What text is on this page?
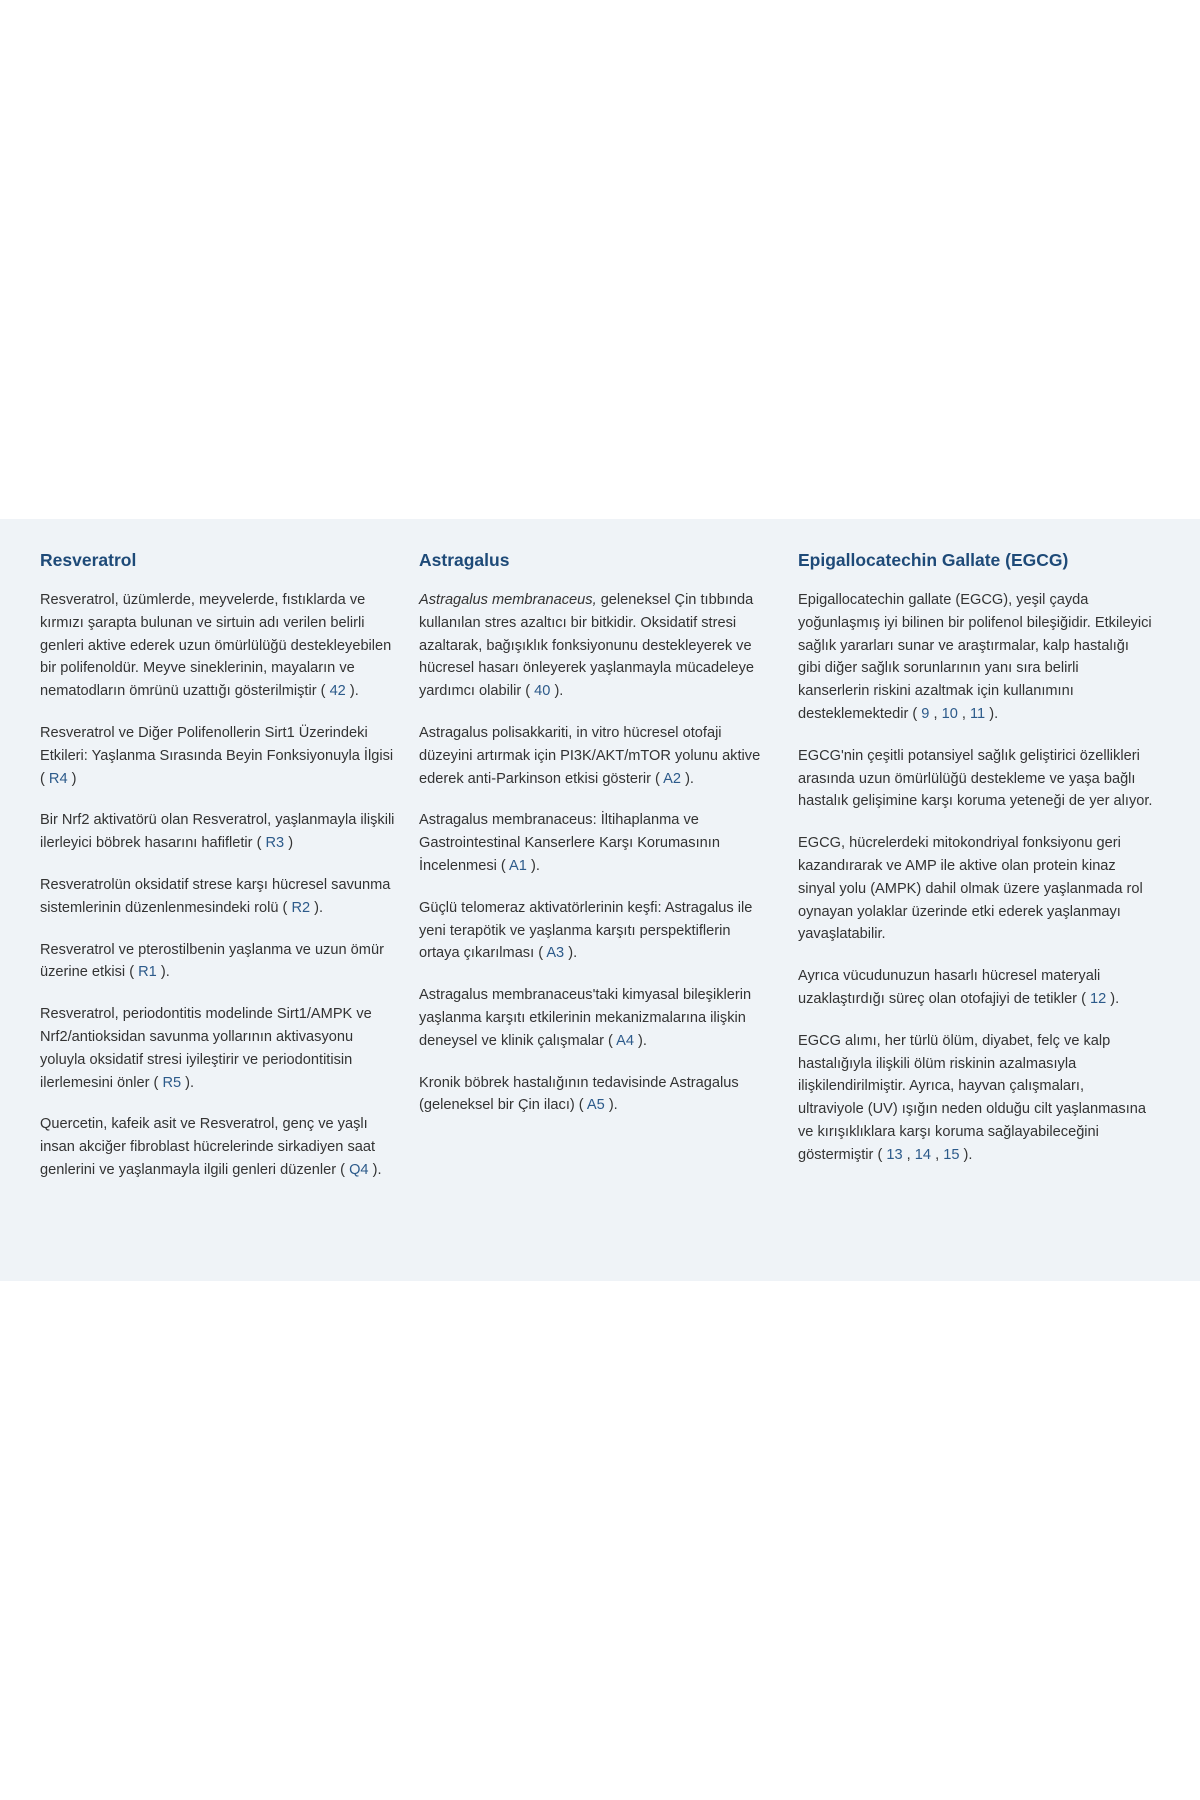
Resveratrol

Resveratrol, üzümlerde, meyvelerde, fıstıklarda ve kırmızı şarapta bulunan ve sirtuin adı verilen belirli genleri aktive ederek uzun ömürlülüğü destekleyebilen bir polifenoldür. Meyve sineklerinin, mayaların ve nematodların ömrünü uzattığı gösterilmiştir ( 42 ).

Resveratrol ve Diğer Polifenollerin Sirt1 Üzerindeki Etkileri: Yaşlanma Sırasında Beyin Fonksiyonuyla İlgisi ( R4 )

Bir Nrf2 aktivatörü olan Resveratrol, yaşlanmayla ilişkili ilerleyici böbrek hasarını hafifletir ( R3 )

Resveratrolün oksidatif strese karşı hücresel savunma sistemlerinin düzenlenmesindeki rolü ( R2 ).

Resveratrol ve pterostilbenin yaşlanma ve uzun ömür üzerine etkisi ( R1 ).

Resveratrol, periodontitis modelinde Sirt1/AMPK ve Nrf2/antioksidan savunma yollarının aktivasyonu yoluyla oksidatif stresi iyileştirir ve periodontitisin ilerlemesini önler ( R5 ).

Quercetin, kafeik asit ve Resveratrol, genç ve yaşlı insan akciğer fibroblast hücrelerinde sirkadiyen saat genlerini ve yaşlanmayla ilgili genleri düzenler ( Q4 ).

Astragalus

Astragalus membranaceus, geleneksel Çin tıbbında kullanılan stres azaltıcı bir bitkidir. Oksidatif stresi azaltarak, bağışıklık fonksiyonunu destekleyerek ve hücresel hasarı önleyerek yaşlanmayla mücadeleye yardımcı olabilir ( 40 ).

Astragalus polisakkariti, in vitro hücresel otofaji düzeyini artırmak için PI3K/AKT/mTOR yolunu aktive ederek anti-Parkinson etkisi gösterir ( A2 ).

Astragalus membranaceus: İltihaplanma ve Gastrointestinal Kanserlere Karşı Korumasının İncelenmesi ( A1 ).

Güçlü telomeraz aktivatörlerinin keşfi: Astragalus ile yeni terapötik ve yaşlanma karşıtı perspektiflerin ortaya çıkarılması ( A3 ).

Astragalus membranaceus'taki kimyasal bileşiklerin yaşlanma karşıtı etkilerinin mekanizmalarına ilişkin deneysel ve klinik çalışmalar ( A4 ).

Kronik böbrek hastalığının tedavisinde Astragalus (geleneksel bir Çin ilacı) ( A5 ).

Epigallocatechin Gallate (EGCG)

Epigallocatechin gallate (EGCG), yeşil çayda yoğunlaşmış iyi bilinen bir polifenol bileşiğidir. Etkileyici sağlık yararları sunar ve araştırmalar, kalp hastalığı gibi diğer sağlık sorunlarının yanı sıra belirli kanserlerin riskini azaltmak için kullanımını desteklemektedir ( 9 , 10 , 11 ).

EGCG'nin çeşitli potansiyel sağlık geliştirici özellikleri arasında uzun ömürlülüğü destekleme ve yaşa bağlı hastalık gelişimine karşı koruma yeteneği de yer alıyor.

EGCG, hücrelerdeki mitokondriyal fonksiyonu geri kazandırarak ve AMP ile aktive olan protein kinaz sinyal yolu (AMPK) dahil olmak üzere yaşlanmada rol oynayan yolaklar üzerinde etki ederek yaşlanmayı yavaşlatabilir.

Ayrıca vücudunuzun hasarlı hücresel materyali uzaklaştırdığı süreç olan otofajiyi de tetikler ( 12 ).

EGCG alımı, her türlü ölüm, diyabet, felç ve kalp hastalığıyla ilişkili ölüm riskinin azalmasıyla ilişkilendirilmiştir. Ayrıca, hayvan çalışmaları, ultraviyole (UV) ışığın neden olduğu cilt yaşlanmasına ve kırışıklıklara karşı koruma sağlayabileceğini göstermiştir ( 13 , 14 , 15 ).
